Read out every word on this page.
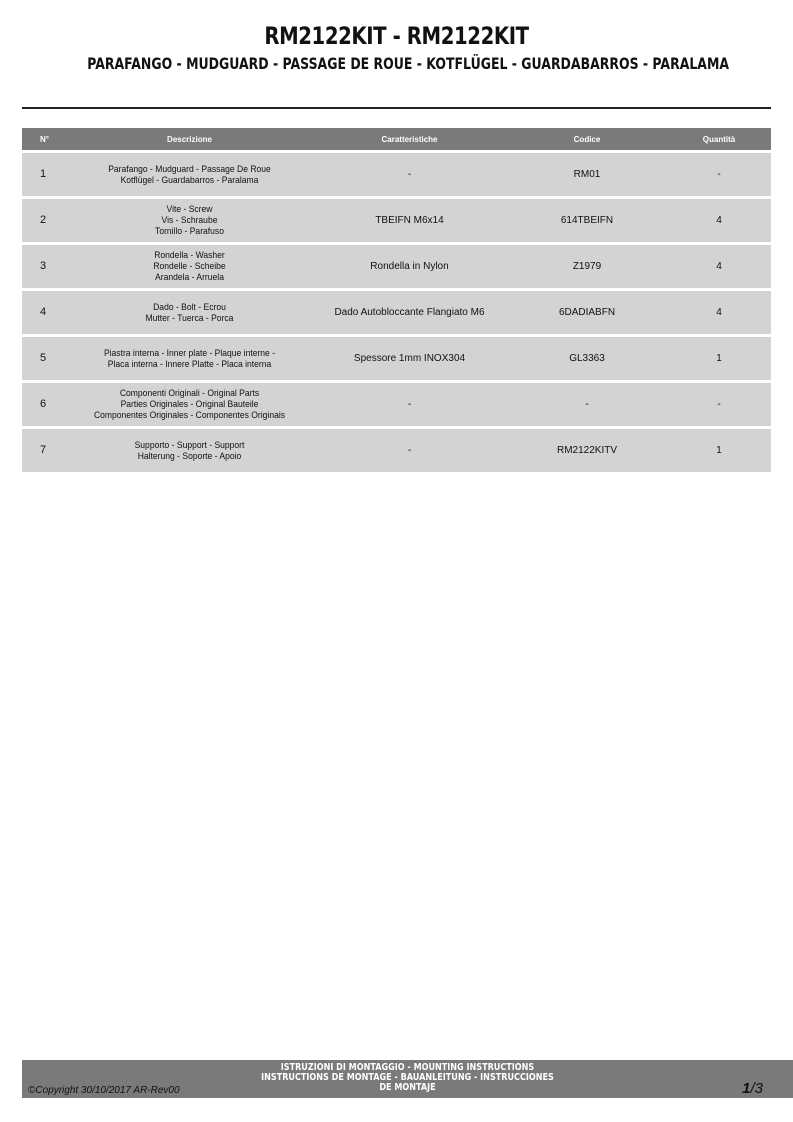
RM2122KIT - RM2122KIT
PARAFANGO - MUDGUARD - PASSAGE DE ROUE - KOTFLÜGEL - GUARDABARROS - PARALAMA
N°	Descrizione	Caratteristiche	Codice	Quantità
1	Parafango - Mudguard - Passage De Roue
Kotflügel - Guardabarros - Paralama	-	RM01	-
2	Vite - Screw
Vis - Schraube
Tornillo - Parafuso	TBEIFN M6x14	614TBEIFN	4
3	Rondella - Washer
Rondelle - Scheibe
Arandela - Arruela	Rondella in Nylon	Z1979	4
4	Dado - Bolt - Ecrou
Mutter - Tuerca - Porca	Dado Autobloccante Flangiato M6	6DADIABFN	4
5	Piastra interna - Inner plate - Plaque interne -
Placa interna - Innere Platte - Placa interna	Spessore 1mm INOX304	GL3363	1
6	Componenti Originali - Original Parts
Parties Originales - Original Bauteile
Componentes Originales - Componentes Originais	-	-	-
7	Supporto - Support - Support
Halterung - Soporte - Apoio	-	RM2122KITV	1
©Copyright 30/10/2017 AR-Rev00
ISTRUZIONI DI MONTAGGIO - MOUNTING INSTRUCTIONS
INSTRUCTIONS DE MONTAGE - BAUANLEITUNG - INSTRUCCIONES
DE MONTAJE	1/3
